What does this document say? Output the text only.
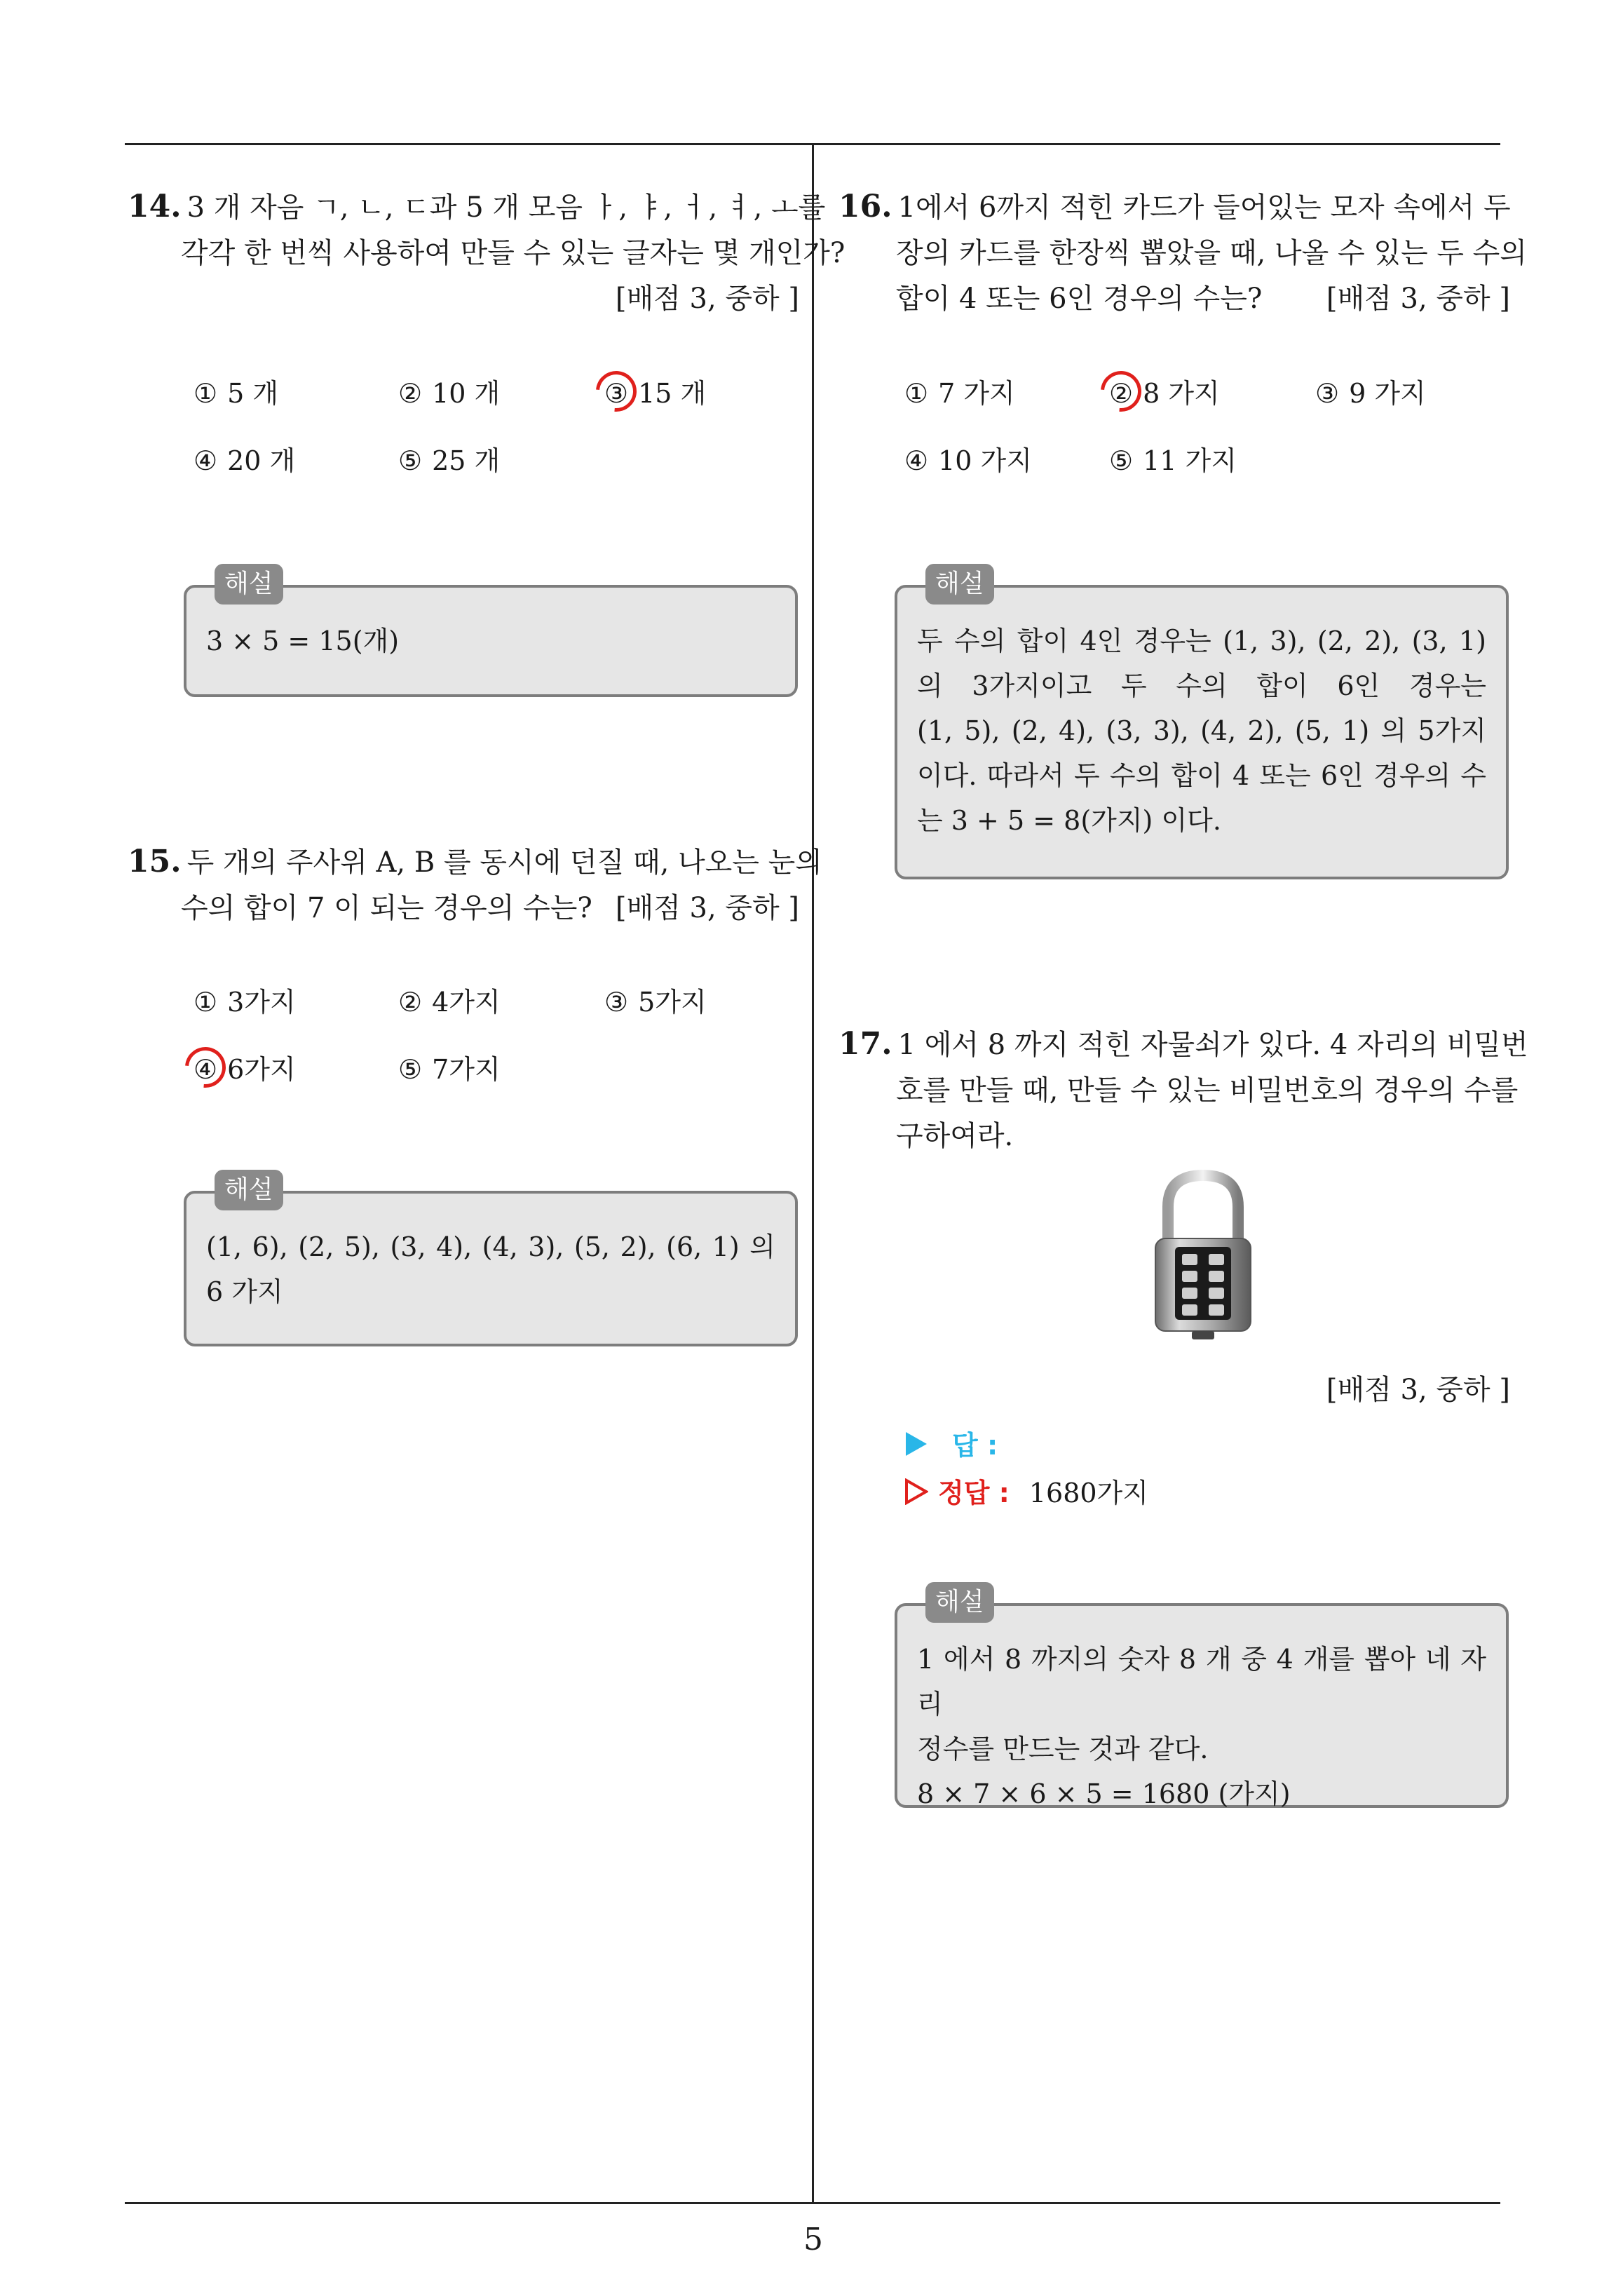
14. 3 개 자음 ㄱ, ㄴ, ㄷ과 5 개 모음 ㅏ, ㅑ, ㅓ, ㅕ, ㅗ를
각각 한 번씩 사용하여 만들 수 있는 글자는 몇 개인가?
[배점 3, 중하 ]
① 5 개	② 10 개	③ 15 개
④ 20 개	⑤ 25 개
3 × 5 = 15(개)
해설
15. 두 개의 주사위 A, B 를 동시에 던질 때, 나오는 눈의
수의 합이 7 이 되는 경우의 수는? [배점 3, 중하 ]
① 3가지	② 4가지	③ 5가지
④ 6가지	⑤ 7가지
(1, 6), (2, 5), (3, 4), (4, 3), (5, 2), (6, 1) 의
6 가지
해설
16. 1에서 6까지 적힌 카드가 들어있는 모자 속에서 두
장의 카드를 한장씩 뽑았을 때, 나올 수 있는 두 수의
합이 4 또는 6인 경우의 수는? [배점 3, 중하 ]
① 7 가지	② 8 가지	③ 9 가지
④ 10 가지	⑤ 11 가지
두 수의 합이 4인 경우는 (1, 3), (2, 2), (3, 1)
의 3가지이고 두 수의 합이 6인 경우는
(1, 5), (2, 4), (3, 3), (4, 2), (5, 1) 의 5가지
이다. 따라서 두 수의 합이 4 또는 6인 경우의 수
는 3 + 5 = 8(가지) 이다.
해설
17. 1 에서 8 까지 적힌 자물쇠가 있다. 4 자리의 비밀번
호를 만들 때, 만들 수 있는 비밀번호의 경우의 수를
구하여라.
[배점 3, 중하 ]
답 :
정답 : 1680가지
1 에서 8 까지의 숫자 8 개 중 4 개를 뽑아 네 자리
정수를 만드는 것과 같다.
8 × 7 × 6 × 5 = 1680 (가지)
해설
5
